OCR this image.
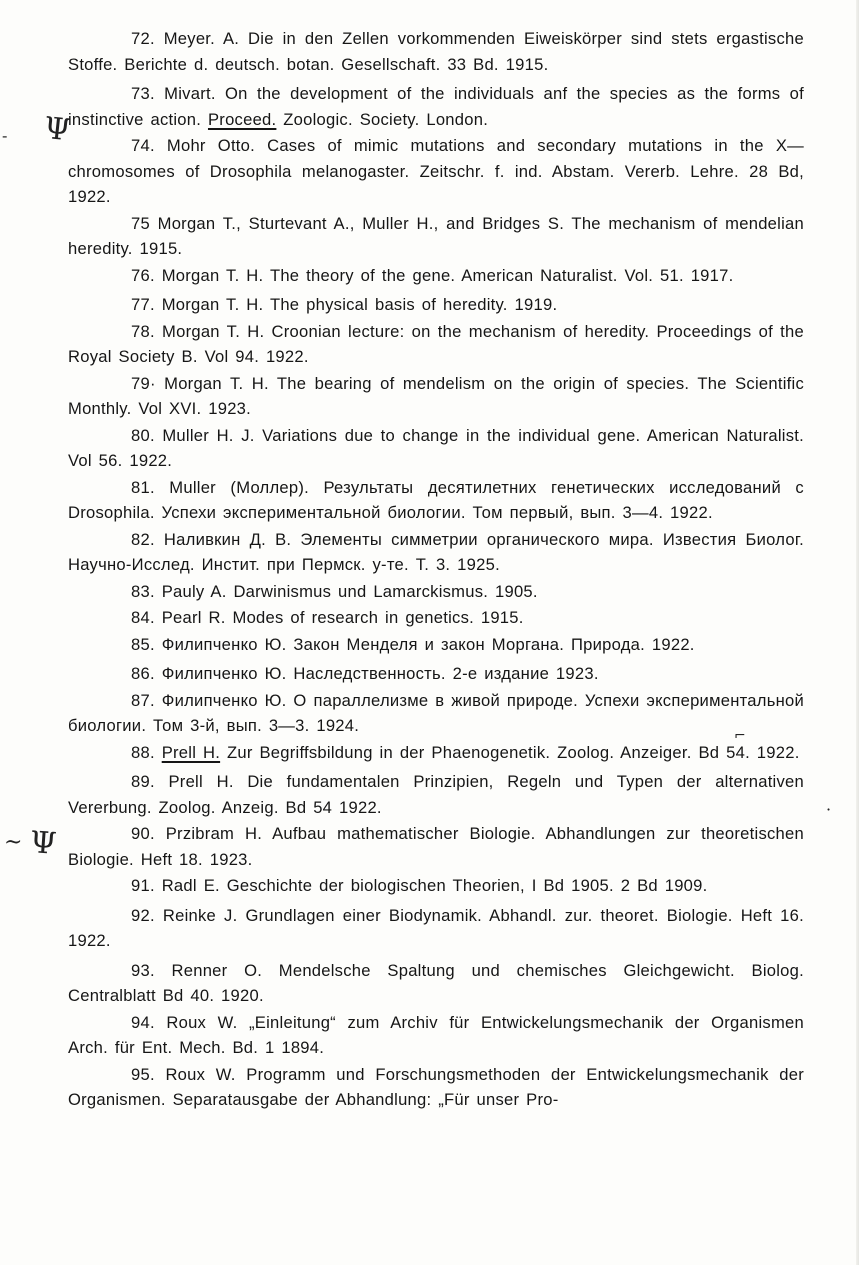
- Ψ
~ Ψ
⌐
·

72. Meyer. A. Die in den Zellen vorkommenden Eiweiskörper sind stets ergastische Stoffe. Berichte d. deutsch. botan. Gesellschaft. 33 Bd. 1915.

73. Mivart. On the development of the individuals anf the species as the forms of instinctive action. Proceed. Zoologic. Society. London.

74. Mohr Otto. Cases of mimic mutations and secondary mutations in the X—chromosomes of Drosophila melanogaster. Zeitschr. f. ind. Abstam. Vererb. Lehre. 28 Bd, 1922.

75 Morgan T., Sturtevant A., Muller H., and Bridges S. The mechanism of mendelian heredity. 1915.

76. Morgan T. H. The theory of the gene. American Naturalist. Vol. 51. 1917.

77. Morgan T. H. The physical basis of heredity. 1919.

78. Morgan T. H. Croonian lecture: on the mechanism of heredity. Proceedings of the Royal Society B. Vol 94. 1922.

79· Morgan T. H. The bearing of mendelism on the origin of species. The Scientific Monthly. Vol XVI. 1923.

80. Muller H. J. Variations due to change in the individual gene. American Naturalist. Vol 56. 1922.

81. Muller (Моллер). Результаты десятилетних генетических исследований с Drosophila. Успехи экспериментальной биологии. Том первый, вып. 3—4. 1922.

82. Наливкин Д. В. Элементы симметрии органического мира. Известия Биолог. Научно-Исслед. Инстит. при Пермск. у-те. Т. 3. 1925.

83. Pauly A. Darwinismus und Lamarckismus. 1905.

84. Pearl R. Modes of research in genetics. 1915.

85. Филипченко Ю. Закон Менделя и закон Моргана. Природа. 1922.

86. Филипченко Ю. Наследственность. 2-е издание 1923.

87. Филипченко Ю. О параллелизме в живой природе. Успехи экспериментальной биологии. Том 3-й, вып. 3—3. 1924.

88. Prell H. Zur Begriffsbildung in der Phaenogenetik. Zoolog. Anzeiger. Bd 54. 1922.

89. Prell H. Die fundamentalen Prinzipien, Regeln und Typen der alternativen Vererbung. Zoolog. Anzeig. Bd 54 1922.

90. Przibram H. Aufbau mathematischer Biologie. Abhandlungen zur theoretischen Biologie. Heft 18. 1923.

91. Radl E. Geschichte der biologischen Theorien, I Bd 1905. 2 Bd 1909.

92. Reinke J. Grundlagen einer Biodynamik. Abhandl. zur. theoret. Biologie. Heft 16. 1922.

93. Renner O. Mendelsche Spaltung und chemisches Gleichgewicht. Biolog. Centralblatt Bd 40. 1920.

94. Roux W. „Einleitung“ zum Archiv für Entwickelungsmechanik der Organismen Arch. für Ent. Mech. Bd. 1 1894.

95. Roux W. Programm und Forschungsmethoden der Entwickelungsmechanik der Organismen. Separatausgabe der Abhandlung: „Für unser Pro-
